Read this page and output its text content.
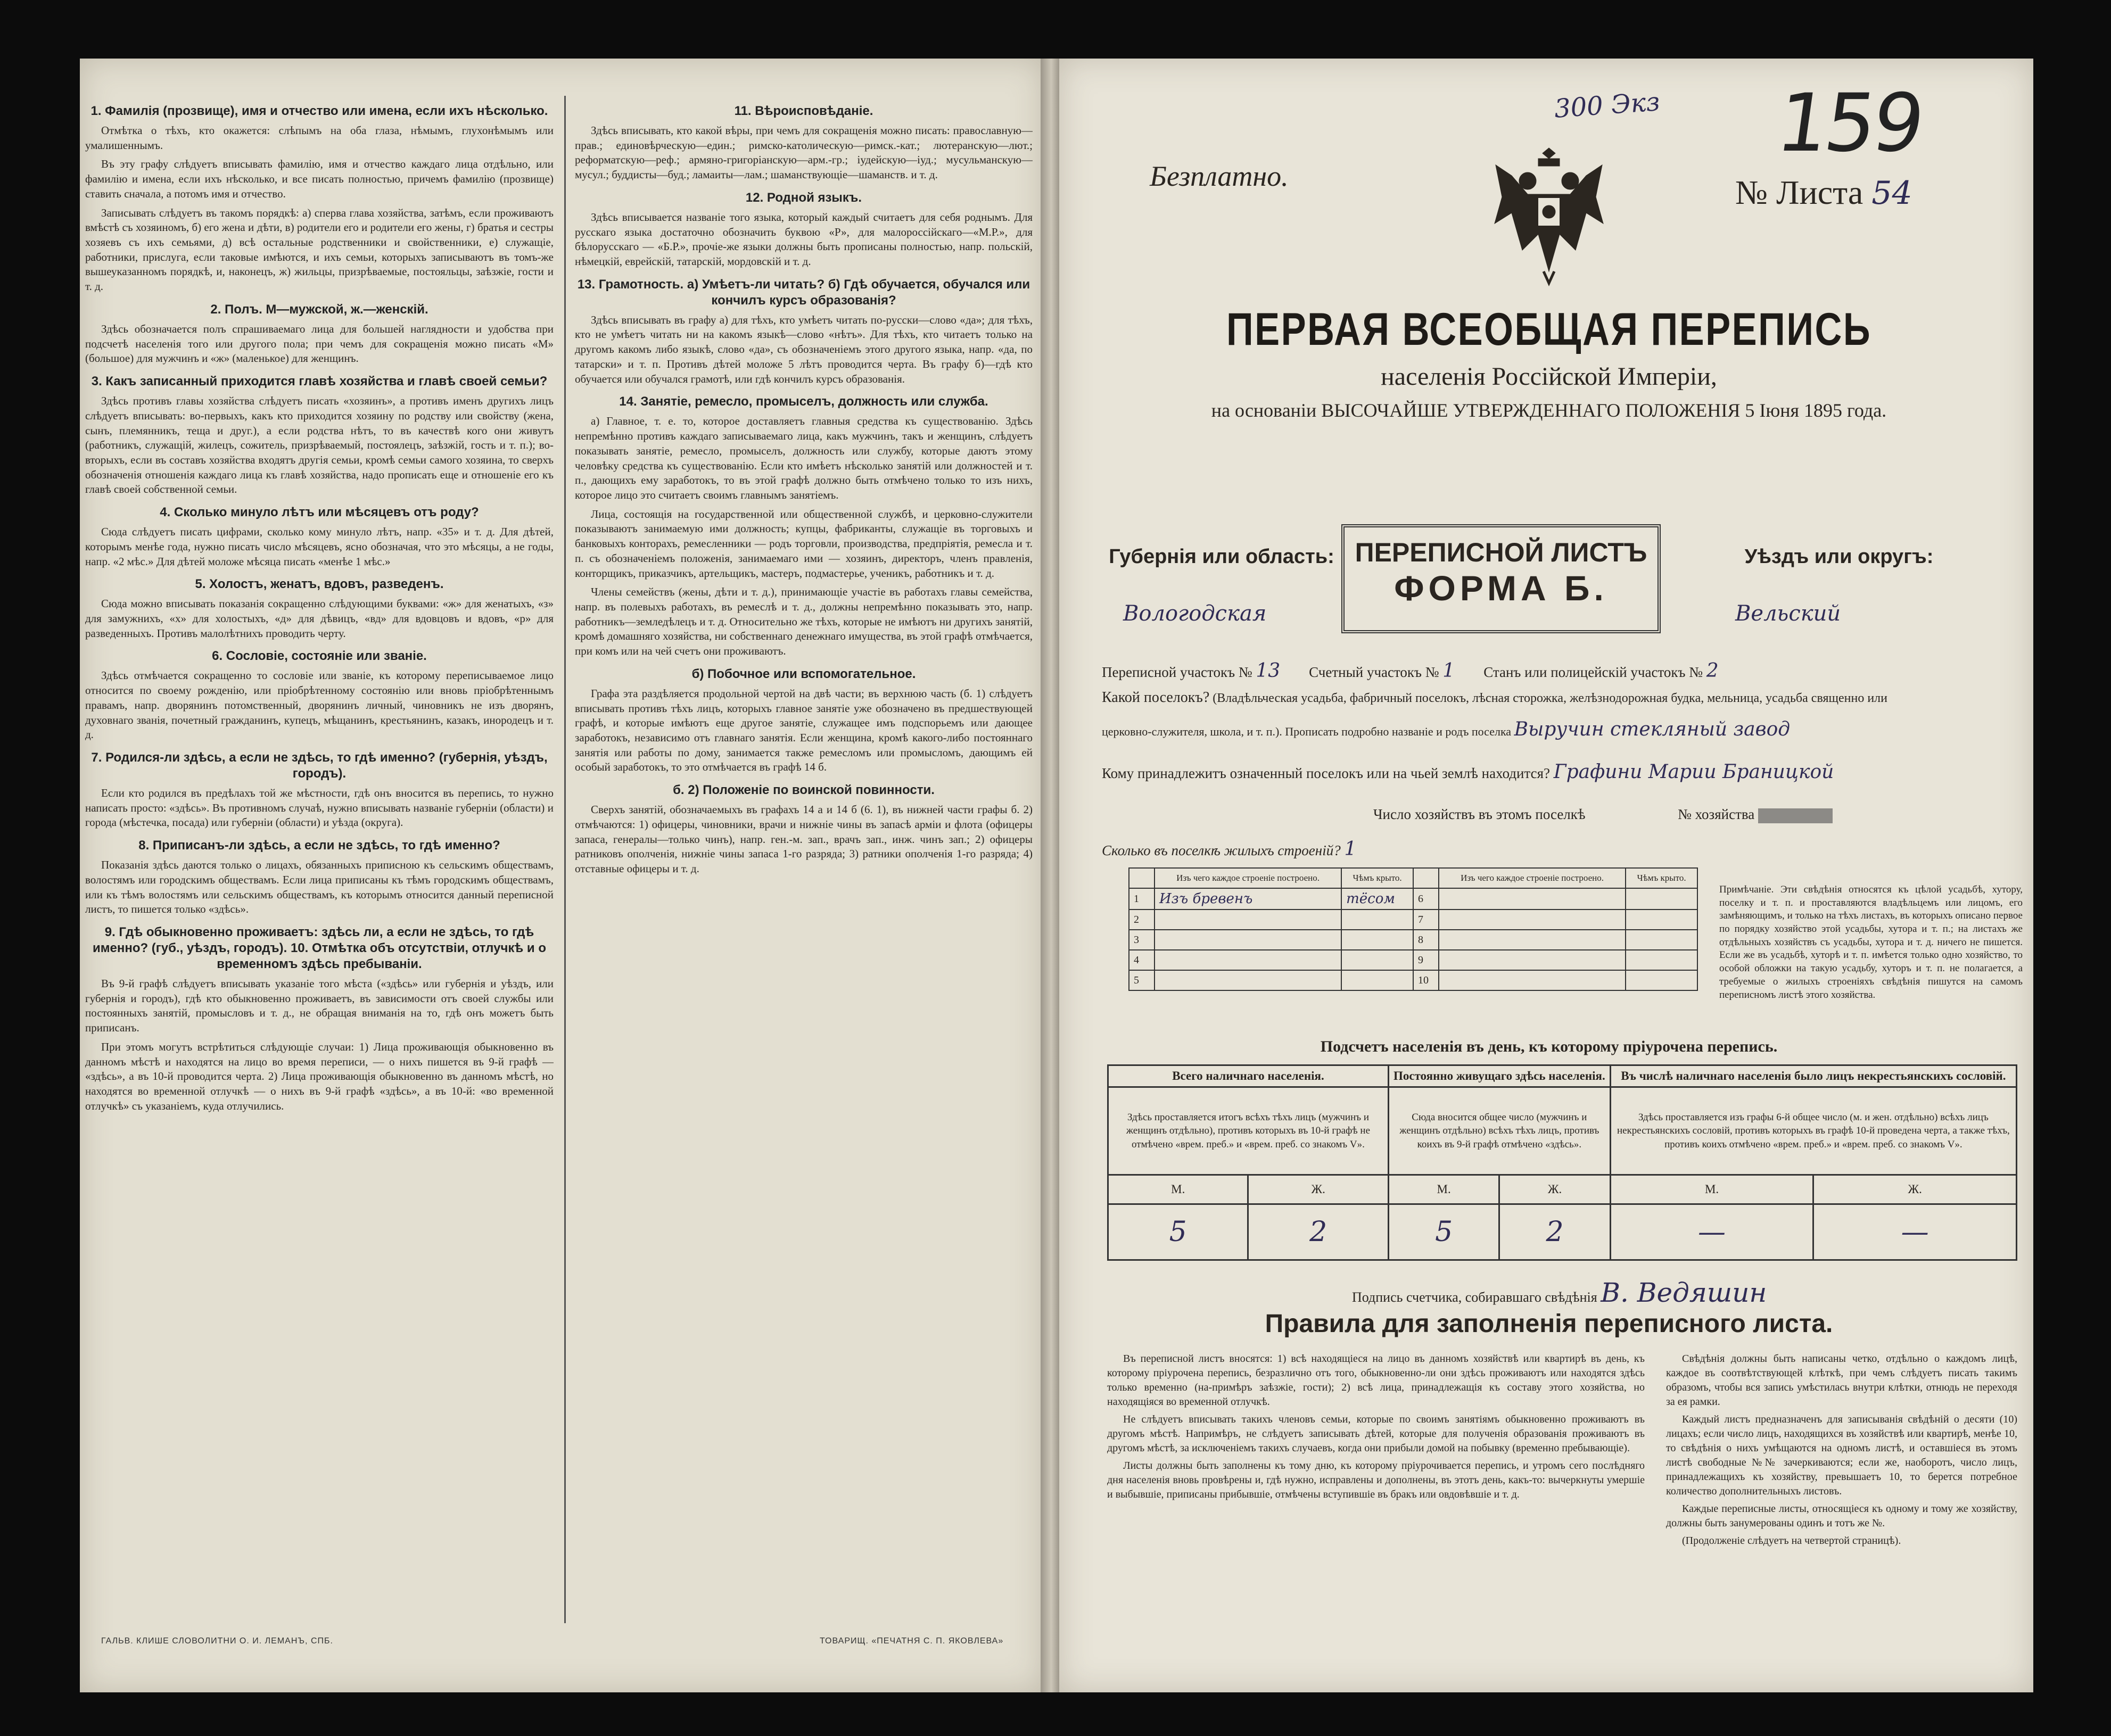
1. Фамилія (прозвище), имя и отчество или имена, если ихъ нѣсколько.
Отмѣтка о тѣхъ, кто окажется: слѣпымъ на оба глаза, нѣмымъ, глухонѣмымъ или умалишеннымъ.
Въ эту графу слѣдуетъ вписывать фамилію, имя и отчество каждаго лица отдѣльно, или фамилію и имена, если ихъ нѣсколько, и все писать полностью, причемъ фамилію (прозвище) ставить сначала, а потомъ имя и отчество.
Записывать слѣдуетъ въ такомъ порядкѣ: а) сперва глава хозяйства, затѣмъ, если проживаютъ вмѣстѣ съ хозяиномъ, б) его жена и дѣти, в) родители его и родители его жены, г) братья и сестры хозяевъ съ ихъ семьями, д) всѣ остальные родственники и свойственники, е) служащіе, работники, прислуга, если таковые имѣются, и ихъ семьи, которыхъ записываютъ въ томъ-же вышеуказанномъ порядкѣ, и, наконецъ, ж) жильцы, призрѣваемые, постояльцы, заѣзжіе, гости и т. д.
2. Полъ. М—мужской, ж.—женскій.
Здѣсь обозначается полъ спрашиваемаго лица для большей наглядности и удобства при подсчетѣ населенія того или другого пола; при чемъ для сокращенія можно писать «М» (большое) для мужчинъ и «ж» (маленькое) для женщинъ.
3. Какъ записанный приходится главѣ хозяйства и главѣ своей семьи?
Здѣсь противъ главы хозяйства слѣдуетъ писать «хозяинъ», а противъ именъ другихъ лицъ слѣдуетъ вписывать: во-первыхъ, какъ кто приходится хозяину по родству или свойству (жена, сынъ, племянникъ, теща и друг.), а если родства нѣтъ, то въ качествѣ кого они живутъ (работникъ, служащій, жилецъ, сожитель, призрѣваемый, постоялецъ, заѣзжій, гость и т. п.); во-вторыхъ, если въ составъ хозяйства входятъ другія семьи, кромѣ семьи самого хозяина, то сверхъ обозначенія отношенія каждаго лица къ главѣ хозяйства, надо прописать еще и отношеніе его къ главѣ своей собственной семьи.
4. Сколько минуло лѣтъ или мѣсяцевъ отъ роду?
Сюда слѣдуетъ писать цифрами, сколько кому минуло лѣтъ, напр. «35» и т. д. Для дѣтей, которымъ менѣе года, нужно писать число мѣсяцевъ, ясно обозначая, что это мѣсяцы, а не годы, напр. «2 мѣс.» Для дѣтей моложе мѣсяца писать «менѣе 1 мѣс.»
5. Холостъ, женатъ, вдовъ, разведенъ.
Сюда можно вписывать показанія сокращенно слѣдующими буквами: «ж» для женатыхъ, «з» для замужнихъ, «х» для холостыхъ, «д» для дѣвицъ, «вд» для вдовцовъ и вдовъ, «р» для разведенныхъ. Противъ малолѣтнихъ проводить черту.
6. Сословіе, состояніе или званіе.
Здѣсь отмѣчается сокращенно то сословіе или званіе, къ которому переписываемое лицо относится по своему рожденію, или пріобрѣтенному состоянію или вновь пріобрѣтеннымъ правамъ, напр. дворянинъ потомственный, дворянинъ личный, чиновникъ не изъ дворянъ, духовнаго званія, почетный гражданинъ, купецъ, мѣщанинъ, крестьянинъ, казакъ, инородецъ и т. д.
7. Родился-ли здѣсь, а если не здѣсь, то гдѣ именно? (губернія, уѣздъ, городъ).
Если кто родился въ предѣлахъ той же мѣстности, гдѣ онъ вносится въ перепись, то нужно написать просто: «здѣсь». Въ противномъ случаѣ, нужно вписывать названіе губерніи (области) и города (мѣстечка, посада) или губерніи (области) и уѣзда (округа).
8. Приписанъ-ли здѣсь, а если не здѣсь, то гдѣ именно?
Показанія здѣсь даются только о лицахъ, обязанныхъ приписною къ сельскимъ обществамъ, волостямъ или городскимъ обществамъ. Если лица приписаны къ тѣмъ городскимъ обществамъ, или къ тѣмъ волостямъ или сельскимъ обществамъ, къ которымъ относится данный переписной листъ, то пишется только «здѣсь».
9. Гдѣ обыкновенно проживаетъ: здѣсь ли, а если не здѣсь, то гдѣ именно? (губ., уѣздъ, городъ). 10. Отмѣтка объ отсутствіи, отлучкѣ и о временномъ здѣсь пребываніи.
Въ 9-й графѣ слѣдуетъ вписывать указаніе того мѣста («здѣсь» или губернія и уѣздъ, или губернія и городъ), гдѣ кто обыкновенно проживаетъ, въ зависимости отъ своей службы или постоянныхъ занятій, промысловъ и т. д., не обращая вниманія на то, гдѣ онъ можетъ быть приписанъ.
При этомъ могутъ встрѣтиться слѣдующіе случаи: 1) Лица проживающія обыкновенно въ данномъ мѣстѣ и находятся на лицо во время переписи, — о нихъ пишется въ 9-й графѣ — «здѣсь», а въ 10-й проводится черта. 2) Лица проживающія обыкновенно въ данномъ мѣстѣ, но находятся во временной отлучкѣ — о нихъ въ 9-й графѣ «здѣсь», а въ 10-й: «во временной отлучкѣ» съ указаніемъ, куда отлучились.
11. Вѣроисповѣданіе.
Здѣсь вписывать, кто какой вѣры, при чемъ для сокращенія можно писать: православную—прав.; единовѣрческую—един.; римско-католическую—римск.-кат.; лютеранскую—лют.; реформатскую—реф.; армяно-григоріанскую—арм.-гр.; іудейскую—іуд.; мусульманскую—мусул.; буддисты—буд.; ламаиты—лам.; шаманствующіе—шаманств. и т. д.
12. Родной языкъ.
Здѣсь вписывается названіе того языка, который каждый считаетъ для себя роднымъ. Для русскаго языка достаточно обозначить буквою «Р», для малороссійскаго—«М.Р.», для бѣлорусскаго — «Б.Р.», прочіе-же языки должны быть прописаны полностью, напр. польскій, нѣмецкій, еврейскій, татарскій, мордовскій и т. д.
13. Грамотность. а) Умѣетъ-ли читать? б) Гдѣ обучается, обучался или кончилъ курсъ образованія?
Здѣсь вписывать въ графу а) для тѣхъ, кто умѣетъ читать по-русски—слово «да»; для тѣхъ, кто не умѣетъ читать ни на какомъ языкѣ—слово «нѣтъ». Для тѣхъ, кто читаетъ только на другомъ какомъ либо языкѣ, слово «да», съ обозначеніемъ этого другого языка, напр. «да, по татарски» и т. п. Противъ дѣтей моложе 5 лѣтъ проводится черта. Въ графу б)—гдѣ кто обучается или обучался грамотѣ, или гдѣ кончилъ курсъ образованія.
14. Занятіе, ремесло, промыселъ, должность или служба.
а) Главное, т. е. то, которое доставляетъ главныя средства къ существованію. Здѣсь непремѣнно противъ каждаго записываемаго лица, какъ мужчинъ, такъ и женщинъ, слѣдуетъ показывать занятіе, ремесло, промыселъ, должность или службу, которые даютъ этому человѣку средства къ существованію. Если кто имѣетъ нѣсколько занятій или должностей и т. п., дающихъ ему заработокъ, то въ этой графѣ должно быть отмѣчено только то изъ нихъ, которое лицо это считаетъ своимъ главнымъ занятіемъ.
Лица, состоящія на государственной или общественной службѣ, и церковно-служители показываютъ занимаемую ими должность; купцы, фабриканты, служащіе въ торговыхъ и банковыхъ конторахъ, ремесленники — родъ торговли, производства, предпріятія, ремесла и т. п. съ обозначеніемъ положенія, занимаемаго ими — хозяинъ, директоръ, членъ правленія, конторщикъ, приказчикъ, артельщикъ, мастеръ, подмастерье, ученикъ, работникъ и т. д.
Члены семействъ (жены, дѣти и т. д.), принимающіе участіе въ работахъ главы семейства, напр. въ полевыхъ работахъ, въ ремеслѣ и т. д., должны непремѣнно показывать это, напр. работникъ—земледѣлецъ и т. д. Относительно же тѣхъ, которые не имѣютъ ни другихъ занятій, кромѣ домашняго хозяйства, ни собственнаго денежнаго имущества, въ этой графѣ отмѣчается, при комъ или на чей счетъ они проживаютъ.
б) Побочное или вспомогательное.
Графа эта раздѣляется продольной чертой на двѣ части; въ верхнюю часть (б. 1) слѣдуетъ вписывать противъ тѣхъ лицъ, которыхъ главное занятіе уже обозначено въ предшествующей графѣ, и которые имѣютъ еще другое занятіе, служащее имъ подспорьемъ или дающее заработокъ, независимо отъ главнаго занятія. Если женщина, кромѣ какого-либо постояннаго занятія или работы по дому, занимается также ремесломъ или промысломъ, дающимъ ей особый заработокъ, то это отмѣчается въ графѣ 14 б.
б. 2) Положеніе по воинской повинности.
Сверхъ занятій, обозначаемыхъ въ графахъ 14 а и 14 б (6. 1), въ нижней части графы б. 2) отмѣчаются: 1) офицеры, чиновники, врачи и нижніе чины въ запасѣ армiи и флота (офицеры запаса, генералы—только чинъ), напр. ген.-м. зап., врачъ зап., инж. чинъ зап.; 2) офицеры ратниковъ ополченія, нижніе чины запаса 1-го разряда; 3) ратники ополченія 1-го разряда; 4) отставные офицеры и т. д.
ГАЛЬВ. КЛИШЕ СЛОВОЛИТНИ О. И. ЛЕМАНЪ, СПБ.	ТОВАРИЩ. «ПЕЧАТНЯ С. П. ЯКОВЛЕВА»
300 Экз 159
Безплатно.	№ Листа 54
ПЕРВАЯ ВСЕОБЩАЯ ПЕРЕПИСЬ
населенія Россійской Имперіи,
на основаніи ВЫСОЧАЙШЕ УТВЕРЖДЕННАГО ПОЛОЖЕНІЯ 5 Іюня 1895 года.
Губернія или область: ПЕРЕПИСНОЙ ЛИСТЪ
ФОРМА Б.
Уѣздъ или округъ:
Вологодская	Вельский
Переписной участокъ № 13 Счетный участокъ № 1 Станъ или полицейскій участокъ № 2
Какой поселокъ? (Владѣльческая усадьба, фабричный поселокъ, лѣсная сторожка, желѣзнодорожная будка, мельница, усадьба священно или
церковно-служителя, школа, и т. п.). Прописать подробно названіе и родъ поселка Выручин стекляный завод
Кому принадлежитъ означенный поселокъ или на чьей землѣ находится? Графини Марии Браницкой
Число хозяйствъ въ этомъ поселкѣ	№ хозяйства
Сколько въ поселкѣ жилыхъ строеній? 1
	Изъ чего каждое строеніе построено.	Чѣмъ крыто.		Изъ чего каждое строеніе построено.	Чѣмъ крыто.
1	Изъ бревенъ	тёсом	6		
2			7		
3			8		
4			9		
5			10		
Примѣчаніе. Эти свѣдѣнія относятся къ цѣлой усадьбѣ, хутору, поселку и т. п. и проставляются владѣльцемъ или лицомъ, его замѣняющимъ, и только на тѣхъ листахъ, въ которыхъ описано первое по порядку хозяйство этой усадьбы, хутора и т. п.; на листахъ же отдѣльныхъ хозяйствъ съ усадьбы, хутора и т. д. ничего не пишется. Если же въ усадьбѣ, хуторѣ и т. п. имѣется только одно хозяйство, то особой обложки на такую усадьбу, хуторъ и т. п. не полагается, а требуемые о жилыхъ строеніяхъ свѣдѣнія пишутся на самомъ переписномъ листѣ этого хозяйства.
Подсчетъ населенія въ день, къ которому пріурочена перепись.
Всего наличнаго населенія.		Постоянно живущаго здѣсь населенія.		Въ числѣ наличнаго населенія было лицъ некрестьянскихъ сословій.	
Здѣсь проставляется итогъ всѣхъ тѣхъ лицъ (мужчинъ и женщинъ отдѣльно), противъ которыхъ въ 10-й графѣ не отмѣчено «врем. преб.» и «врем. преб. со знакомъ V».		Сюда вносится общее число (мужчинъ и женщинъ отдѣльно) всѣхъ тѣхъ лицъ, противъ коихъ въ 9-й графѣ отмѣчено «здѣсь».		Здѣсь проставляется изъ графы 6-й общее число (м. и жен. отдѣльно) всѣхъ лицъ некрестьянскихъ сословій, противъ которыхъ въ графѣ 10-й проведена черта, а также тѣхъ, противъ коихъ отмѣчено «врем. преб.» и «врем. преб. со знакомъ V».	
М.	Ж.	М.	Ж.	М.	Ж.
5	2	5	2	—	—
Подпись счетчика, собиравшаго свѣдѣнія В. Ведяшин
Правила для заполненія переписного листа.

Въ переписной листъ вносятся: 1) всѣ находящіеся на лицо въ данномъ хозяйствѣ или квартирѣ въ день, къ которому пріурочена перепись, безразлично отъ того, обыкновенно-ли они здѣсь проживаютъ или находятся здѣсь только временно (на-примѣръ заѣзжіе, гости); 2) всѣ лица, принадлежащія къ составу этого хозяйства, но находящіяся во временной отлучкѣ.

Не слѣдуетъ вписывать такихъ членовъ семьи, которые по своимъ занятіямъ обыкновенно проживаютъ въ другомъ мѣстѣ. Напримѣръ, не слѣдуетъ записывать дѣтей, которые для полученія образованія проживаютъ въ другомъ мѣстѣ, за исключеніемъ такихъ случаевъ, когда они прибыли домой на побывку (временно пребывающіе).

Листы должны быть заполнены къ тому дню, къ которому пріурочивается перепись, и утромъ сего послѣдняго дня населенія вновь провѣрены и, гдѣ нужно, исправлены и дополнены, въ этотъ день, какъ-то: вычеркнуты умершіе и выбывшіе, приписаны прибывшіе, отмѣчены вступившіе въ бракъ или овдовѣвшіе и т. д.

Свѣдѣнія должны быть написаны четко, отдѣльно о каждомъ лицѣ, каждое въ соотвѣтствующей клѣткѣ, при чемъ слѣдуетъ писать такимъ образомъ, чтобы вся запись умѣстилась внутри клѣтки, отнюдь не переходя за ея рамки.

Каждый листъ предназначенъ для записыванія свѣдѣній о десяти (10) лицахъ; если число лицъ, находящихся въ хозяйствѣ или квартирѣ, менѣе 10, то свѣдѣнія о нихъ умѣщаются на одномъ листѣ, и оставшіеся въ этомъ листѣ свободные №№ зачеркиваются; если же, наоборотъ, число лицъ, принадлежащихъ къ хозяйству, превышаетъ 10, то берется потребное количество дополнительныхъ листовъ.

Каждые переписные листы, относящіеся къ одному и тому же хозяйству, должны быть занумерованы одинъ и тотъ же №.

(Продолженіе слѣдуетъ на четвертой страницѣ).
